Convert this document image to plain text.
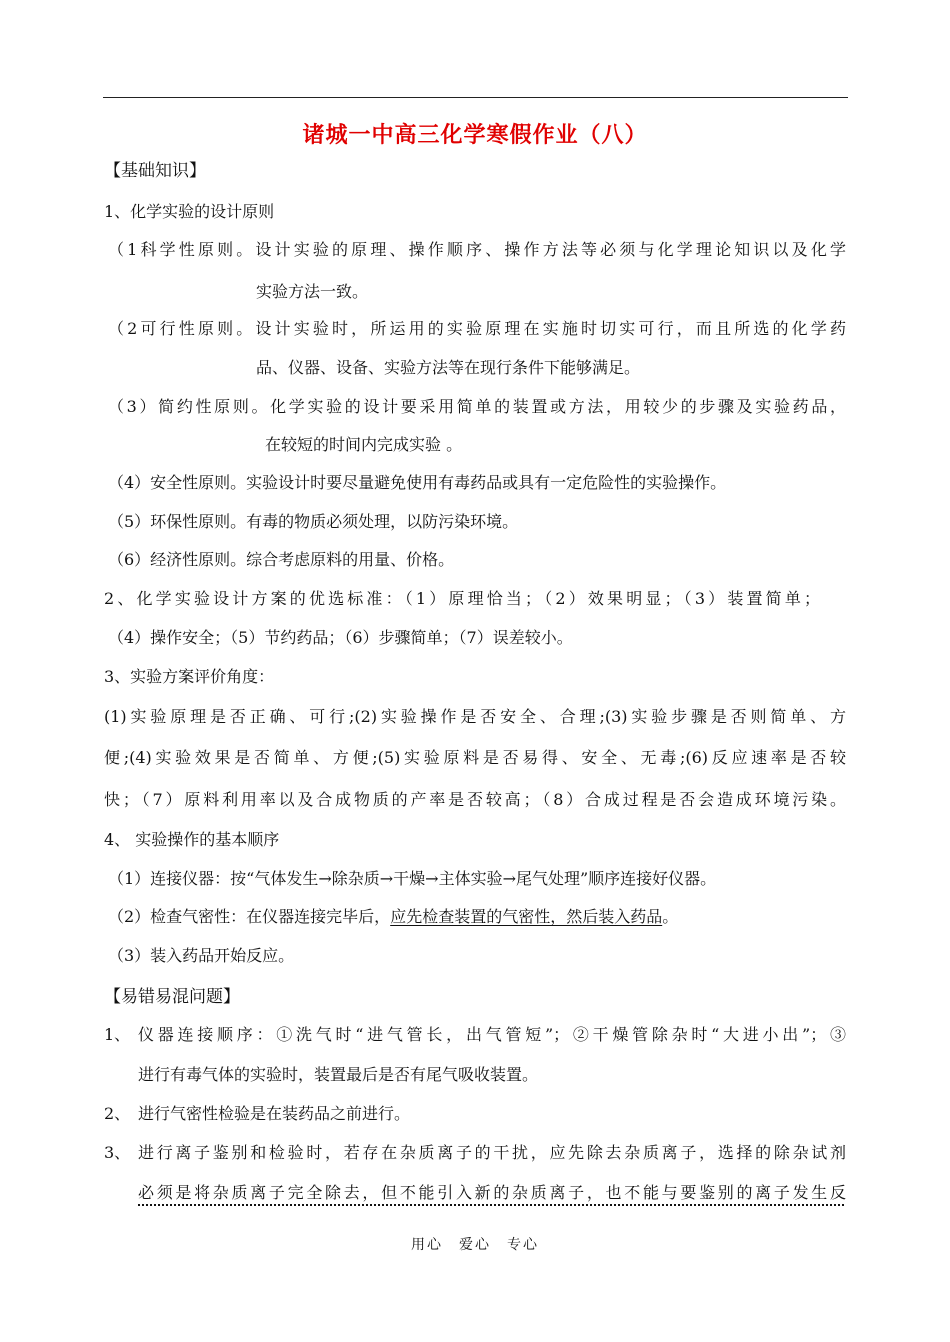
诸城一中高三化学寒假作业（八）
【基础知识】
1、化学实验的设计原则
（1科学性原则。设计实验的原理、操作顺序、操作方法等必须与化学理论知识以及化学
实验方法一致。
（2可行性原则。设计实验时，所运用的实验原理在实施时切实可行，而且所选的化学药
品、仪器、设备、实验方法等在现行条件下能够满足。
（3）简约性原则。化学实验的设计要采用简单的装置或方法，用较少的步骤及实验药品，
在较短的时间内完成实验 。
（4）安全性原则。实验设计时要尽量避免使用有毒药品或具有一定危险性的实验操作。
（5）环保性原则。有毒的物质必须处理，以防污染环境。
（6）经济性原则。综合考虑原料的用量、价格。
2、化学实验设计方案的优选标准：（1）原理恰当；（2）效果明显；（3）装置简单；
（4）操作安全；（5）节约药品；（6）步骤简单；（7）误差较小。
3、实验方案评价角度：
(1)实验原理是否正确、可行;(2)实验操作是否安全、合理;(3)实验步骤是否则简单、方
便;(4)实验效果是否简单、方便;(5)实验原料是否易得、安全、无毒;(6)反应速率是否较
快；（7）原料利用率以及合成物质的产率是否较高；（8）合成过程是否会造成环境污染。
4、 实验操作的基本顺序
（1）连接仪器：按“气体发生→除杂质→干燥→主体实验→尾气处理”顺序连接好仪器。
（2）检查气密性：在仪器连接完毕后，应先检查装置的气密性，然后装入药品。
（3）装入药品开始反应。
【易错易混问题】
1、 仪器连接顺序：①洗气时“进气管长，出气管短”；②干燥管除杂时“大进小出”；③
进行有毒气体的实验时，装置最后是否有尾气吸收装置。
2、 进行气密性检验是在装药品之前进行。
3、 进行离子鉴别和检验时，若存在杂质离子的干扰，应先除去杂质离子，选择的除杂试剂
必须是将杂质离子完全除去，但不能引入新的杂质离子，也不能与要鉴别的离子发生反
用心　爱心　专心
